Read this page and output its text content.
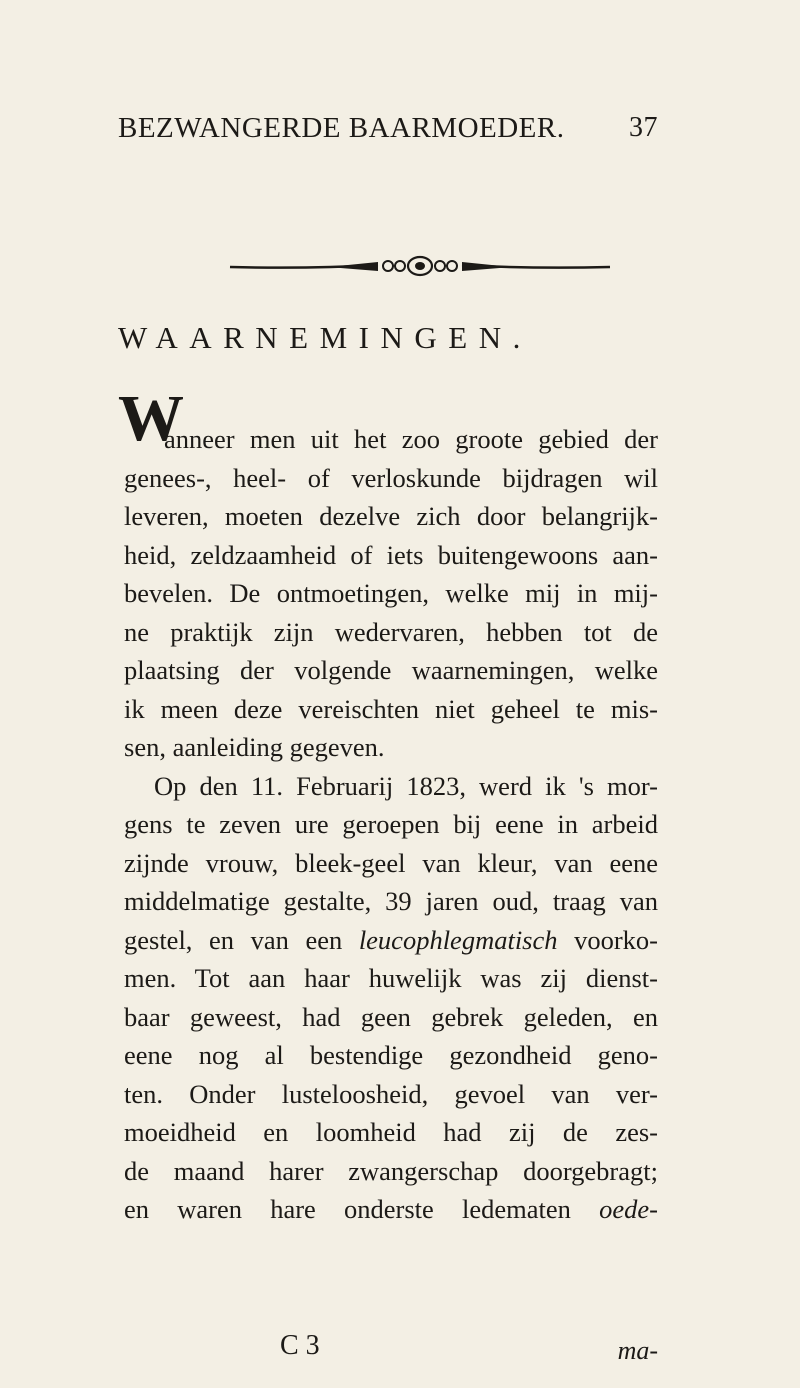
BEZWANGERDE BAARMOEDER. 37
WAARNEMINGEN.
W
anneer men uit het zoo groote gebied der
genees-, heel- of verloskunde bijdragen wil
leveren, moeten dezelve zich door belangrijk-
heid, zeldzaamheid of iets buitengewoons aan-
bevelen. De ontmoetingen, welke mij in mij-
ne praktijk zijn wedervaren, hebben tot de
plaatsing der volgende waarnemingen, welke
ik meen deze vereischten niet geheel te mis-
sen, aanleiding gegeven.
Op den 11. Februarij 1823, werd ik 's mor-
gens te zeven ure geroepen bij eene in arbeid
zijnde vrouw, bleek-geel van kleur, van eene
middelmatige gestalte, 39 jaren oud, traag van
gestel, en van een leucophlegmatisch voorko-
men. Tot aan haar huwelijk was zij dienst-
baar geweest, had geen gebrek geleden, en
eene nog al bestendige gezondheid geno-
ten. Onder lusteloosheid, gevoel van ver-
moeidheid en loomheid had zij de zes-
de maand harer zwangerschap doorgebragt;
en waren hare onderste ledematen oede-
C 3	ma-
